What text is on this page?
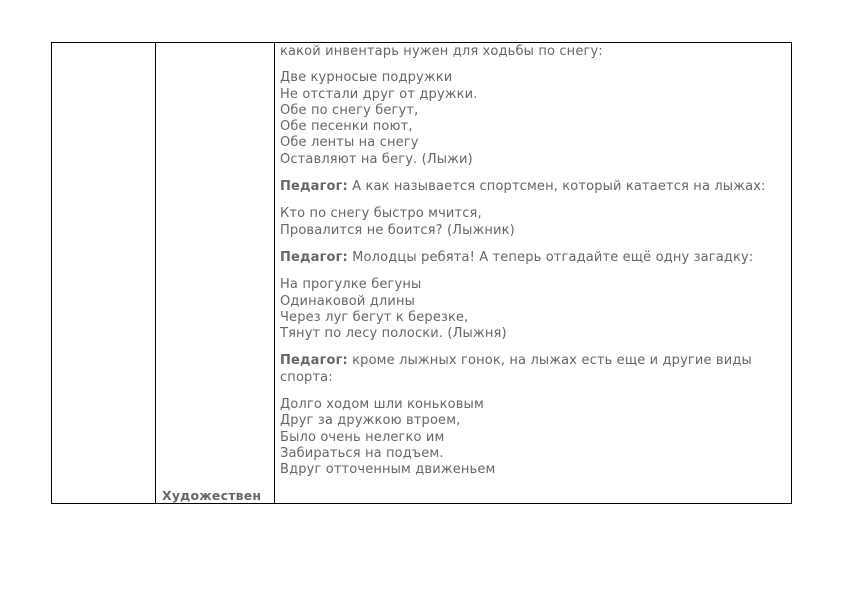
Художествен
какой инвентарь нужен для ходьбы по снегу:
Две курносые подружки
Не отстали друг от дружки.
Обе по снегу бегут,
Обе песенки поют,
Обе ленты на снегу
Оставляют на бегу. (Лыжи)
Педагог: А как называется спортсмен, который катается на лыжах:
Кто по снегу быстро мчится,
Провалится не боится? (Лыжник)
Педагог: Молодцы ребята! А теперь отгадайте ещё одну загадку:
На прогулке бегуны
Одинаковой длины
Через луг бегут к березке,
Тянут по лесу полоски. (Лыжня)
Педагог: кроме лыжных гонок, на лыжах есть еще и другие виды спорта:
Долго ходом шли коньковым
Друг за дружкою втроем,
Было очень нелегко им
Забираться на подъем.
Вдруг отточенным движеньем
